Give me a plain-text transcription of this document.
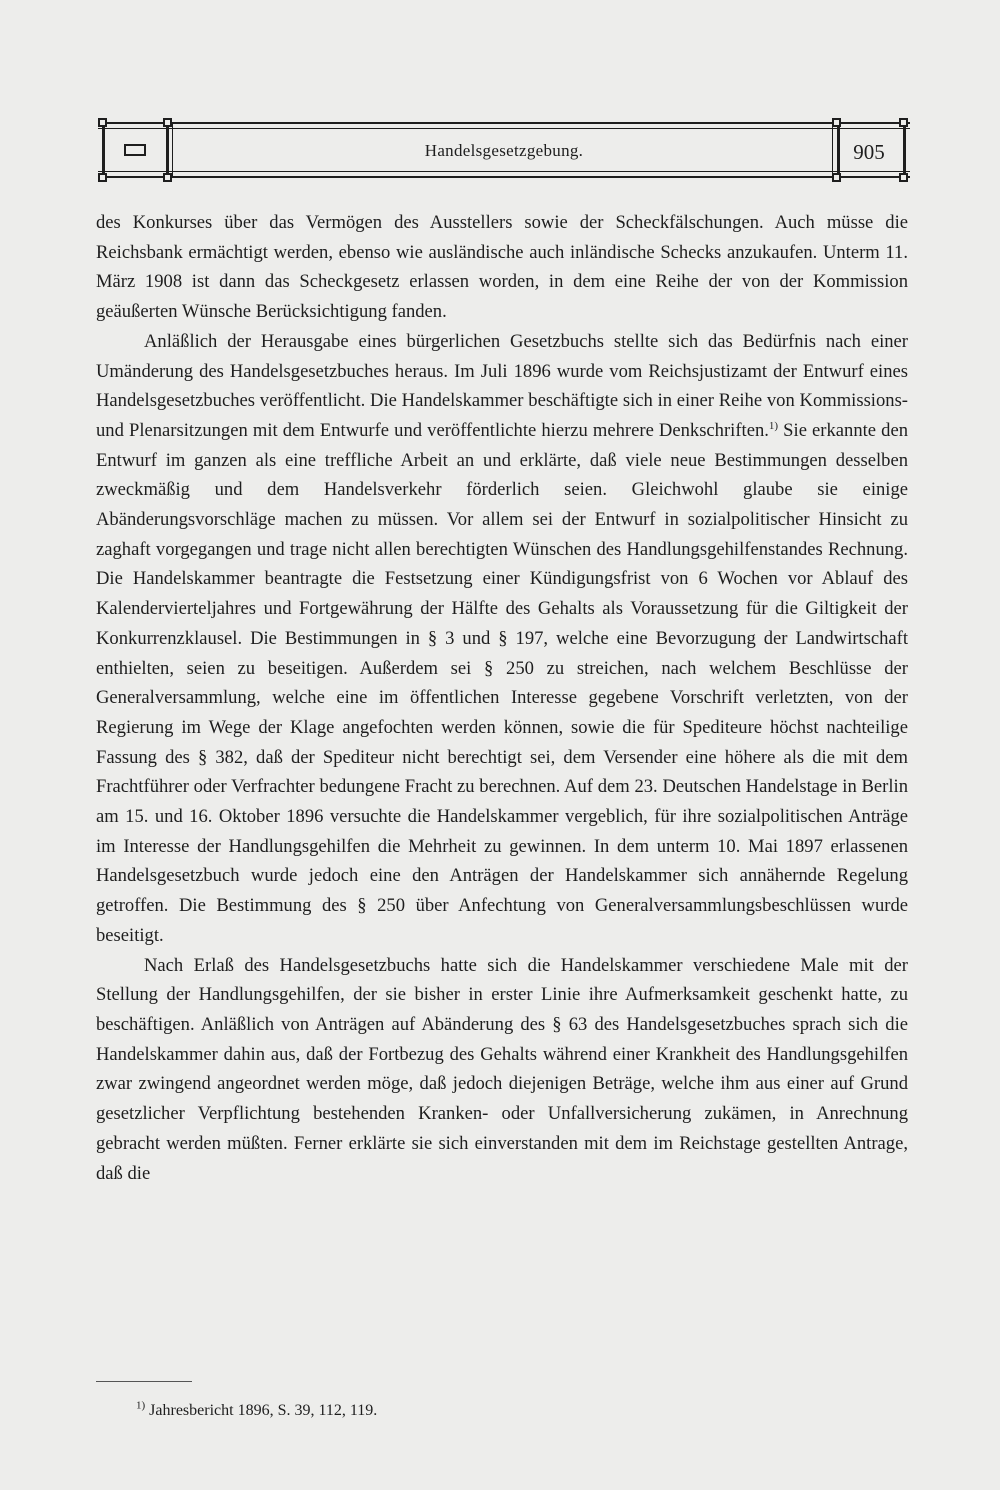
Handelsgesetzgebung.	905

des Konkurses über das Vermögen des Ausstellers sowie der Scheckfälschungen. Auch müsse die Reichsbank ermächtigt werden, ebenso wie ausländische auch inländische Schecks anzukaufen. Unterm 11. März 1908 ist dann das Scheckgesetz erlassen worden, in dem eine Reihe der von der Kommission geäußerten Wünsche Berücksichtigung fanden.

Anläßlich der Herausgabe eines bürgerlichen Gesetzbuchs stellte sich das Bedürfnis nach einer Umänderung des Handelsgesetzbuches heraus. Im Juli 1896 wurde vom Reichsjustizamt der Entwurf eines Handelsgesetzbuches veröffentlicht. Die Handelskammer beschäftigte sich in einer Reihe von Kommissions- und Plenarsitzungen mit dem Entwurfe und veröffentlichte hierzu mehrere Denkschriften.$^{1)}$ Sie erkannte den Entwurf im ganzen als eine treffliche Arbeit an und erklärte, daß viele neue Bestimmungen desselben zweckmäßig und dem Handelsverkehr förderlich seien. Gleichwohl glaube sie einige Abänderungsvorschläge machen zu müssen. Vor allem sei der Entwurf in sozialpolitischer Hinsicht zu zaghaft vorgegangen und trage nicht allen berechtigten Wünschen des Handlungsgehilfenstandes Rechnung. Die Handelskammer beantragte die Festsetzung einer Kündigungsfrist von 6 Wochen vor Ablauf des Kalendervierteljahres und Fortgewährung der Hälfte des Gehalts als Voraussetzung für die Giltigkeit der Konkurrenzklausel. Die Bestimmungen in § 3 und § 197, welche eine Bevorzugung der Landwirtschaft enthielten, seien zu beseitigen. Außerdem sei § 250 zu streichen, nach welchem Beschlüsse der Generalversammlung, welche eine im öffentlichen Interesse gegebene Vorschrift verletzten, von der Regierung im Wege der Klage angefochten werden können, sowie die für Spediteure höchst nachteilige Fassung des § 382, daß der Spediteur nicht berechtigt sei, dem Versender eine höhere als die mit dem Frachtführer oder Verfrachter bedungene Fracht zu berechnen. Auf dem 23. Deutschen Handelstage in Berlin am 15. und 16. Oktober 1896 versuchte die Handelskammer vergeblich, für ihre sozialpolitischen Anträge im Interesse der Handlungsgehilfen die Mehrheit zu gewinnen. In dem unterm 10. Mai 1897 erlassenen Handelsgesetzbuch wurde jedoch eine den Anträgen der Handelskammer sich annähernde Regelung getroffen. Die Bestimmung des § 250 über Anfechtung von Generalversammlungsbeschlüssen wurde beseitigt.

Nach Erlaß des Handelsgesetzbuchs hatte sich die Handelskammer verschiedene Male mit der Stellung der Handlungsgehilfen, der sie bisher in erster Linie ihre Aufmerksamkeit geschenkt hatte, zu beschäftigen. Anläßlich von Anträgen auf Abänderung des § 63 des Handelsgesetzbuches sprach sich die Handelskammer dahin aus, daß der Fortbezug des Gehalts während einer Krankheit des Handlungsgehilfen zwar zwingend angeordnet werden möge, daß jedoch diejenigen Beträge, welche ihm aus einer auf Grund gesetzlicher Verpflichtung bestehenden Kranken- oder Unfallversicherung zukämen, in Anrechnung gebracht werden müßten. Ferner erklärte sie sich einverstanden mit dem im Reichstage gestellten Antrage, daß die

$^{1)}$ Jahresbericht 1896, S. 39, 112, 119.
